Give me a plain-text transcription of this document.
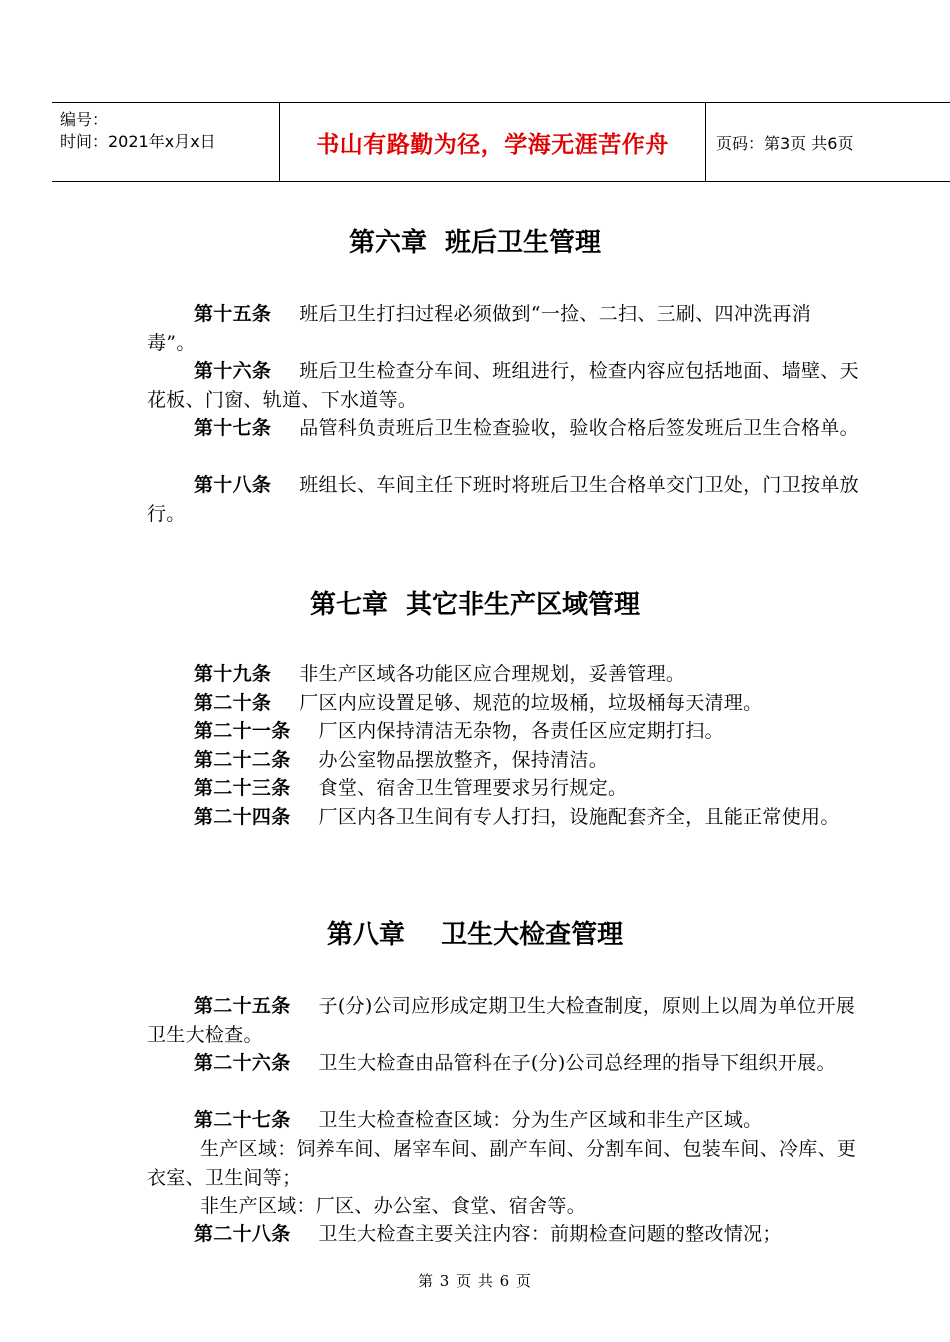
编号：
时间：2021年x月x日	书山有路勤为径，学海无涯苦作舟	页码：第3页 共6页
第六章  班后卫生管理
第十五条 班后卫生打扫过程必须做到“一捡、二扫、三刷、四冲洗再消毒”。
第十六条 班后卫生检查分车间、班组进行，检查内容应包括地面、墙壁、天花板、门窗、轨道、下水道等。
第十七条 品管科负责班后卫生检查验收，验收合格后签发班后卫生合格单。
第十八条 班组长、车间主任下班时将班后卫生合格单交门卫处，门卫按单放行。
第七章  其它非生产区域管理
第十九条 非生产区域各功能区应合理规划，妥善管理。
第二十条 厂区内应设置足够、规范的垃圾桶，垃圾桶每天清理。
第二十一条 厂区内保持清洁无杂物，各责任区应定期打扫。
第二十二条 办公室物品摆放整齐，保持清洁。
第二十三条 食堂、宿舍卫生管理要求另行规定。
第二十四条 厂区内各卫生间有专人打扫，设施配套齐全，且能正常使用。
第八章    卫生大检查管理
第二十五条 子(分)公司应形成定期卫生大检查制度，原则上以周为单位开展卫生大检查。
第二十六条 卫生大检查由品管科在子(分)公司总经理的指导下组织开展。
第二十七条 卫生大检查检查区域：分为生产区域和非生产区域。
生产区域：饲养车间、屠宰车间、副产车间、分割车间、包装车间、冷库、更衣室、卫生间等；
非生产区域：厂区、办公室、食堂、宿舍等。
第二十八条 卫生大检查主要关注内容：前期检查问题的整改情况；
第 3 页 共 6 页
